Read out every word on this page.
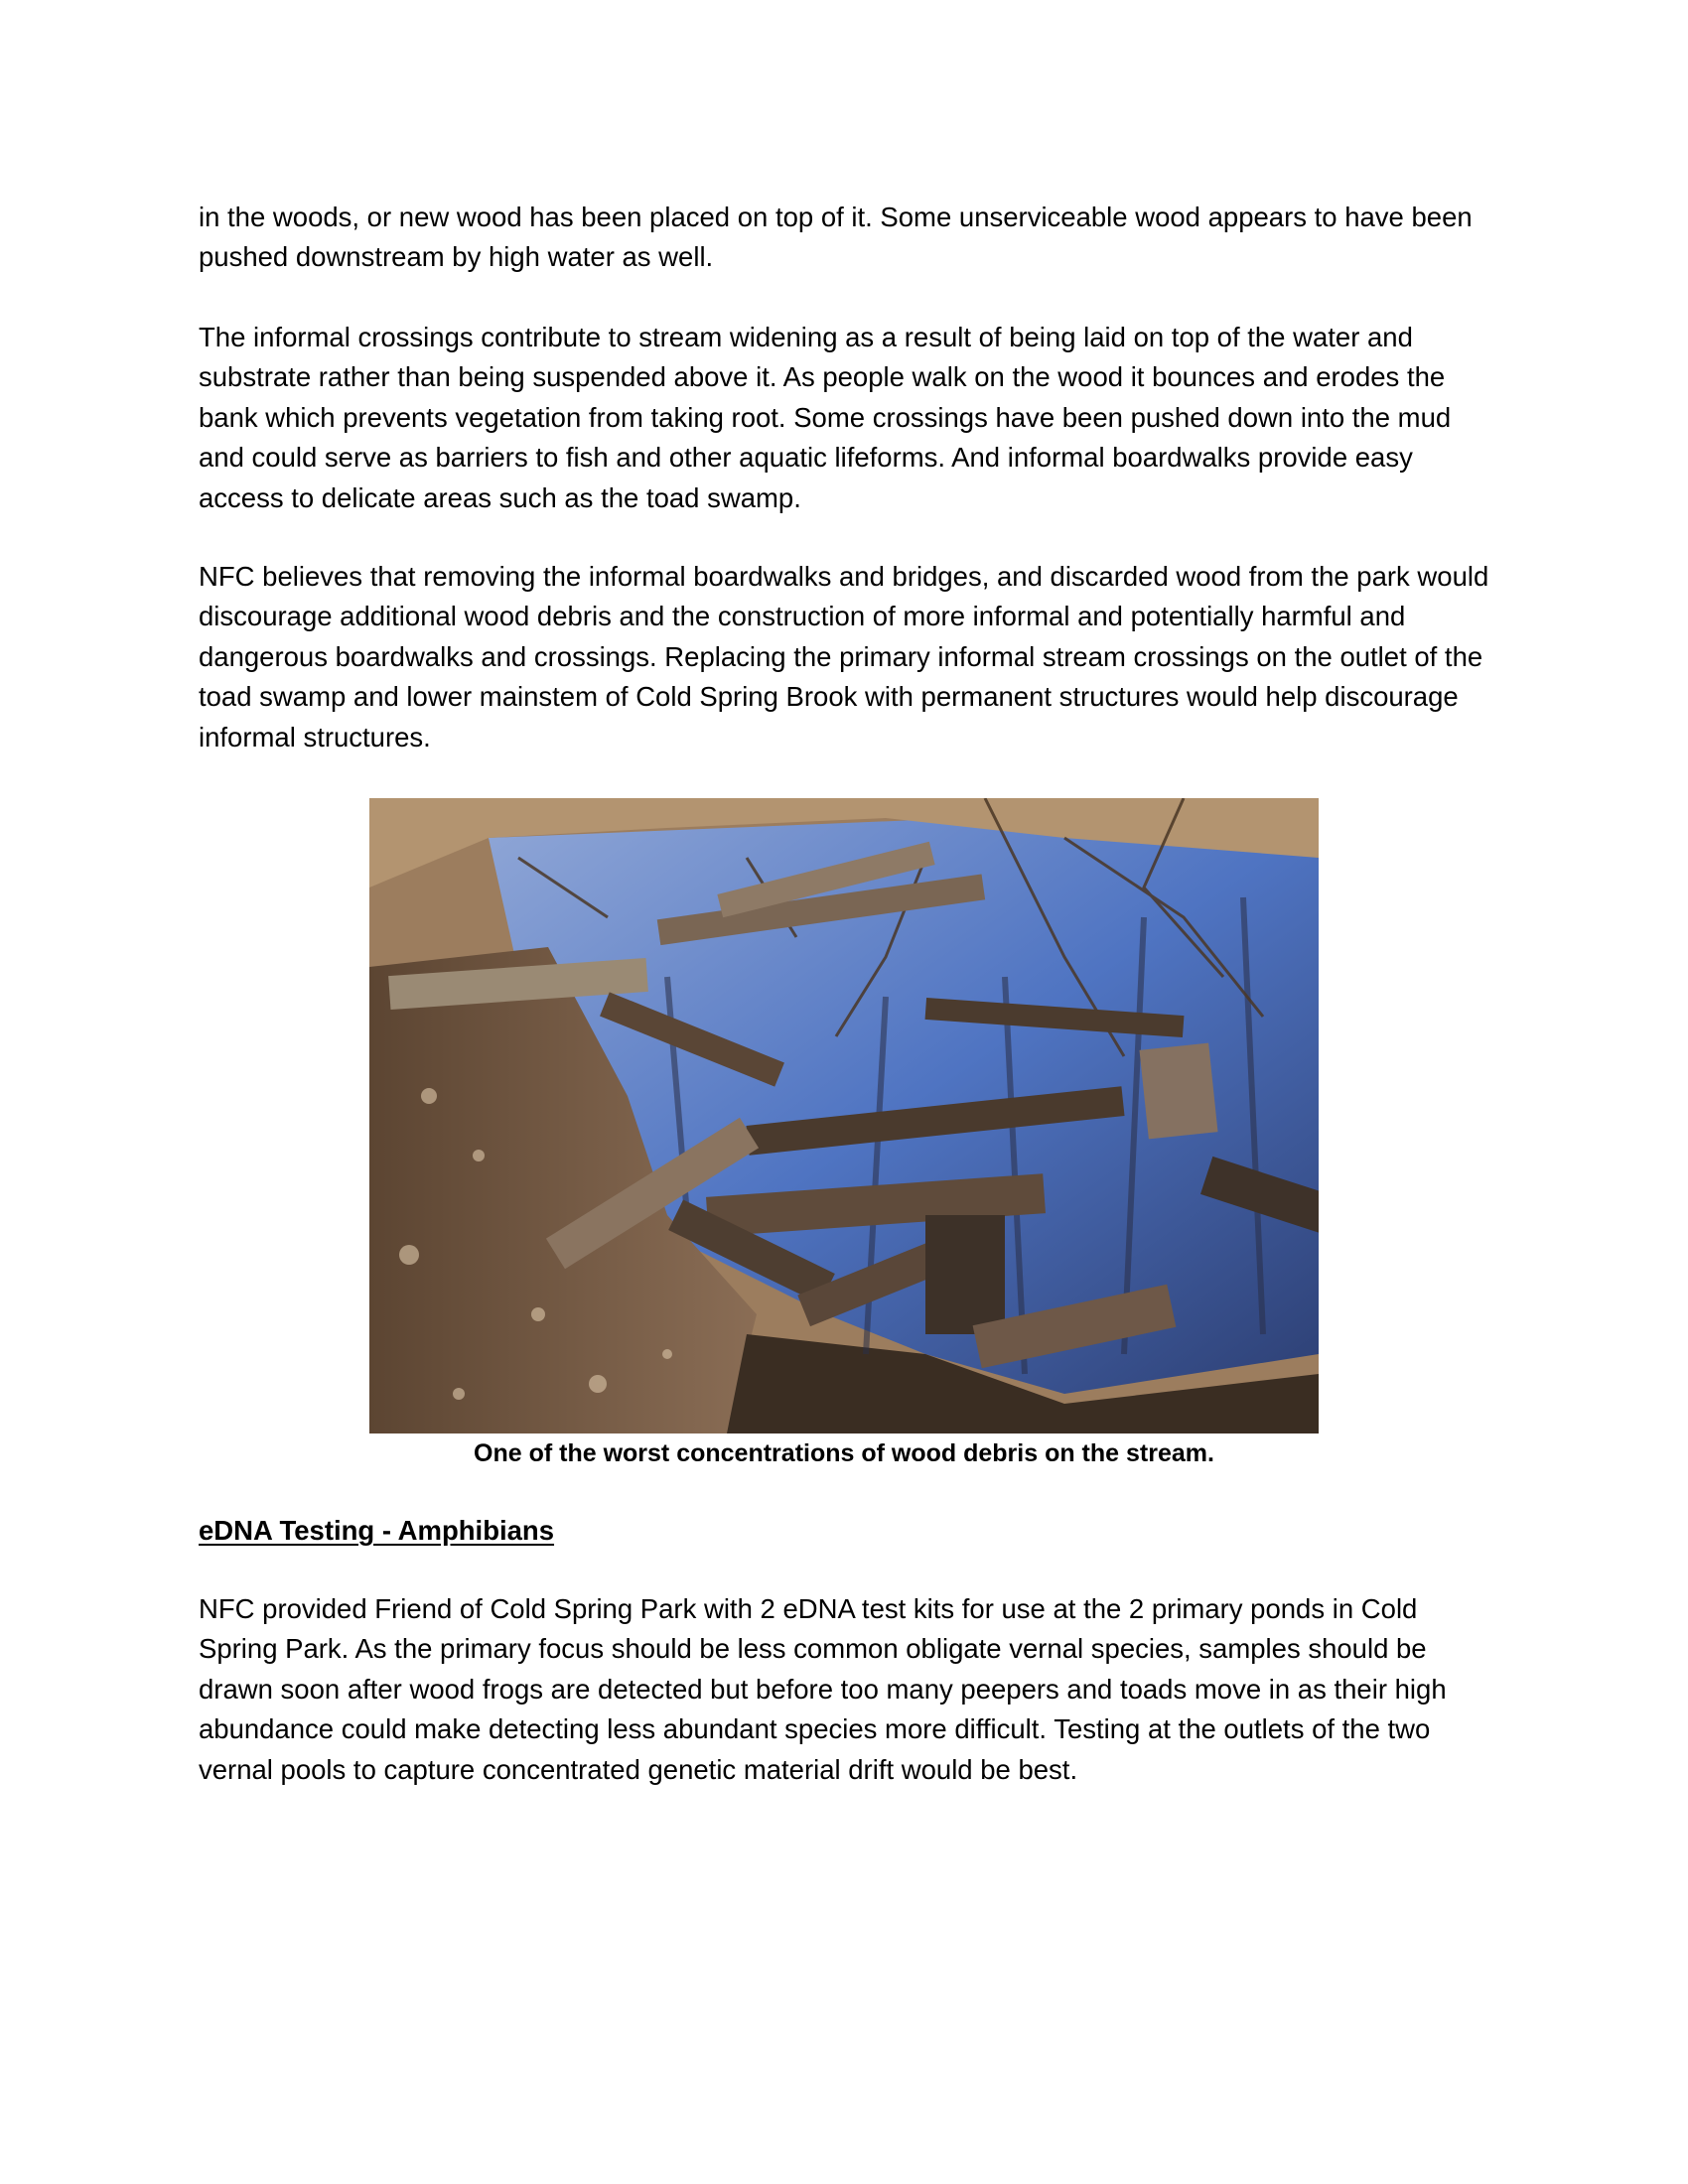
in the woods, or new wood has been placed on top of it. Some unserviceable wood appears to have been pushed downstream by high water as well.

The informal crossings contribute to stream widening as a result of being laid on top of the water and substrate rather than being suspended above it. As people walk on the wood it bounces and erodes the bank which prevents vegetation from taking root. Some crossings have been pushed down into the mud and could serve as barriers to fish and other aquatic lifeforms. And informal boardwalks provide easy access to delicate areas such as the toad swamp.

NFC believes that removing the informal boardwalks and bridges, and discarded wood from the park would discourage additional wood debris and the construction of more informal and potentially harmful and dangerous boardwalks and crossings. Replacing the primary informal stream crossings on the outlet of the toad swamp and lower mainstem of Cold Spring Brook with permanent structures would help discourage informal structures.

One of the worst concentrations of wood debris on the stream.
eDNA Testing - Amphibians

NFC provided Friend of Cold Spring Park with 2 eDNA test kits for use at the 2 primary ponds in Cold Spring Park. As the primary focus should be less common obligate vernal species, samples should be drawn soon after wood frogs are detected but before too many peepers and toads move in as their high abundance could make detecting less abundant species more difficult. Testing at the outlets of the two vernal pools to capture concentrated genetic material drift would be best.
